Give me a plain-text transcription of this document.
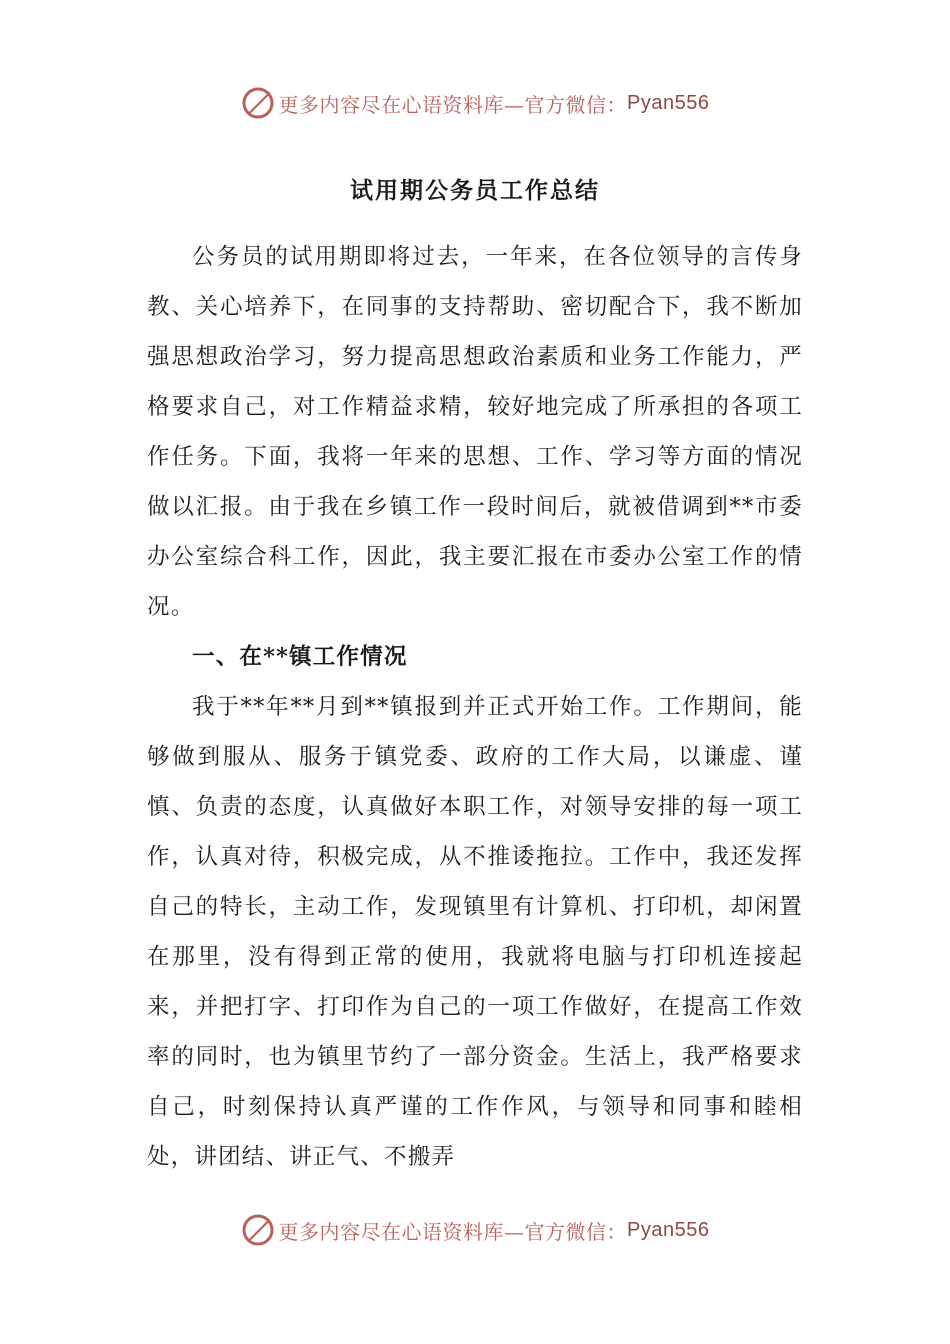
更多内容尽在心语资料库—官方微信： Pyan556
试用期公务员工作总结

公务员的试用期即将过去，一年来，在各位领导的言传身教、关心培养下，在同事的支持帮助、密切配合下，我不断加强思想政治学习，努力提高思想政治素质和业务工作能力，严格要求自己，对工作精益求精，较好地完成了所承担的各项工作任务。下面，我将一年来的思想、工作、学习等方面的情况做以汇报。由于我在乡镇工作一段时间后，就被借调到**市委办公室综合科工作，因此，我主要汇报在市委办公室工作的情况。

一、在**镇工作情况

我于**年**月到**镇报到并正式开始工作。工作期间，能够做到服从、服务于镇党委、政府的工作大局，以谦虚、谨慎、负责的态度，认真做好本职工作，对领导安排的每一项工作，认真对待，积极完成，从不推诿拖拉。工作中，我还发挥自己的特长，主动工作，发现镇里有计算机、打印机，却闲置在那里，没有得到正常的使用，我就将电脑与打印机连接起来，并把打字、打印作为自己的一项工作做好，在提高工作效率的同时，也为镇里节约了一部分资金。生活上，我严格要求自己，时刻保持认真严谨的工作作风，与领导和同事和睦相处，讲团结、讲正气、不搬弄

更多内容尽在心语资料库—官方微信： Pyan556
